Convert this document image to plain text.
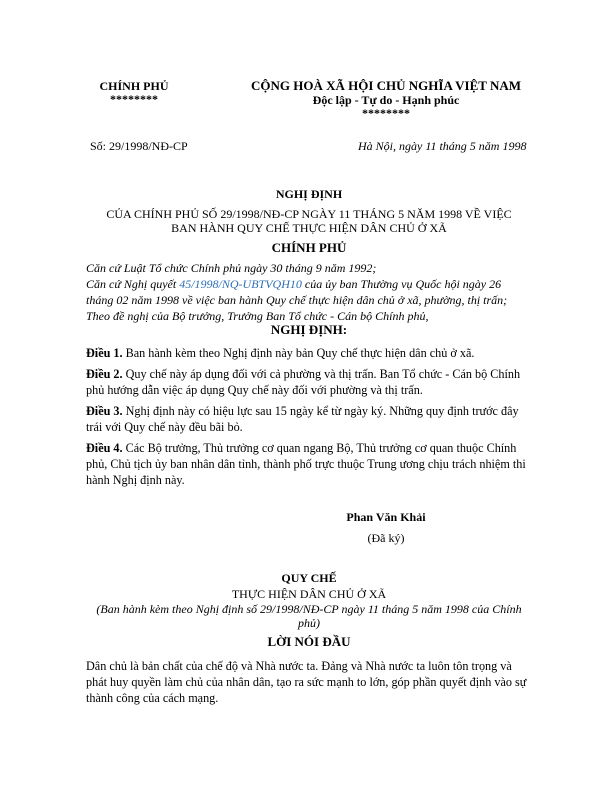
CHÍNH PHỦ
********
CỘNG HOÀ XÃ HỘI CHỦ NGHĨA VIỆT NAM
Độc lập - Tự do - Hạnh phúc
********
Số: 29/1998/NĐ-CP	Hà Nội, ngày 11 tháng 5 năm 1998
NGHỊ ĐỊNH
CỦA CHÍNH PHỦ SỐ 29/1998/NĐ-CP NGÀY 11 THÁNG 5 NĂM 1998 VỀ VIỆC
BAN HÀNH QUY CHẾ THỰC HIỆN DÂN CHỦ Ở XÃ
CHÍNH PHỦ
Căn cứ Luật Tổ chức Chính phủ ngày 30 tháng 9 năm 1992;
Căn cứ Nghị quyết 45/1998/NQ-UBTVQH10 của ủy ban Thường vụ Quốc hội ngày 26
tháng 02 năm 1998 về việc ban hành Quy chế thực hiện dân chủ ở xã, phường, thị trấn;
Theo đề nghị của Bộ trưởng, Trưởng Ban Tổ chức - Cán bộ Chính phủ,
NGHỊ ĐỊNH:
Điều 1. Ban hành kèm theo Nghị định này bản Quy chế thực hiện dân chủ ở xã.
Điều 2. Quy chế này áp dụng đối với cả phường và thị trấn. Ban Tổ chức - Cán bộ Chính phủ hướng dẫn việc áp dụng Quy chế này đối với phường và thị trấn.
Điều 3. Nghị định này có hiệu lực sau 15 ngày kể từ ngày ký. Những quy định trước đây trái với Quy chế này đều bãi bỏ.
Điều 4. Các Bộ trưởng, Thủ trưởng cơ quan ngang Bộ, Thủ trưởng cơ quan thuộc Chính phủ, Chủ tịch ủy ban nhân dân tỉnh, thành phố trực thuộc Trung ương chịu trách nhiệm thi hành Nghị định này.
Phan Văn Khải
(Đã ký)
QUY CHẾ
THỰC HIỆN DÂN CHỦ Ở XÃ
(Ban hành kèm theo Nghị định số 29/1998/NĐ-CP ngày 11 tháng 5 năm 1998 của Chính
phủ)
LỜI NÓI ĐẦU
Dân chủ là bản chất của chế độ và Nhà nước ta. Đảng và Nhà nước ta luôn tôn trọng và phát huy quyền làm chủ của nhân dân, tạo ra sức mạnh to lớn, góp phần quyết định vào sự thành công của cách mạng.
